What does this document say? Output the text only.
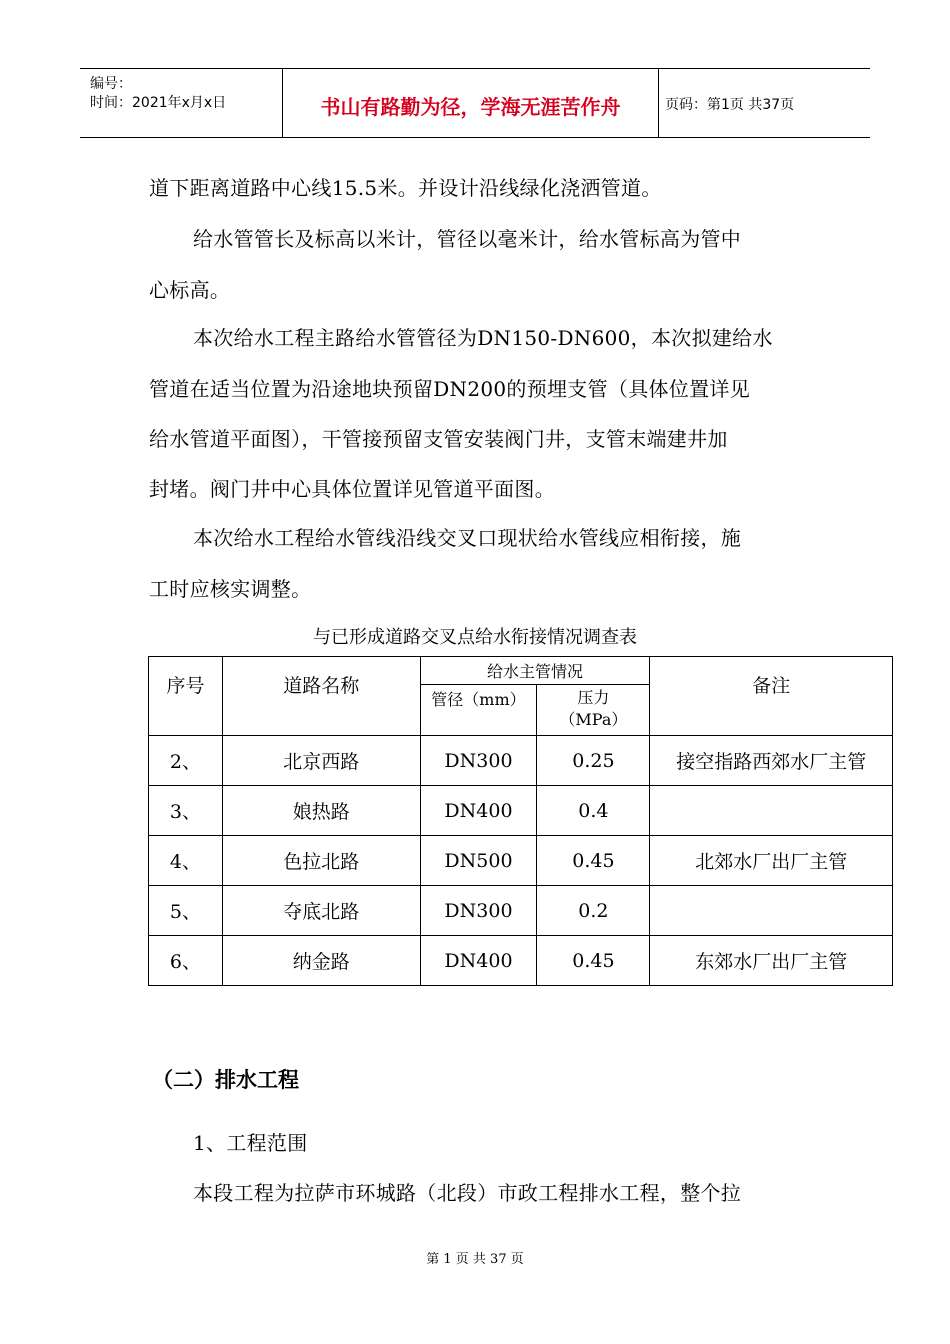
编号：
时间：2021年x月x日	书山有路勤为径，学海无涯苦作舟	页码：第1页 共37页
道下距离道路中心线15.5米。并设计沿线绿化浇洒管道。
给水管管长及标高以米计，管径以毫米计，给水管标高为管中
心标高。
本次给水工程主路给水管管径为DN150-DN600，本次拟建给水
管道在适当位置为沿途地块预留DN200的预埋支管（具体位置详见
给水管道平面图），干管接预留支管安装阀门井，支管末端建井加
封堵。阀门井中心具体位置详见管道平面图。
本次给水工程给水管线沿线交叉口现状给水管线应相衔接，施
工时应核实调整。
与已形成道路交叉点给水衔接情况调查表
序号	道路名称	给水主管情况		备注
		管径（mm）	压力（MPa）	
2、	北京西路	DN300	0.25	接空指路西郊水厂主管
3、	娘热路	DN400	0.4	
4、	色拉北路	DN500	0.45	北郊水厂出厂主管
5、	夺底北路	DN300	0.2	
6、	纳金路	DN400	0.45	东郊水厂出厂主管
（二）排水工程
1、工程范围
本段工程为拉萨市环城路（北段）市政工程排水工程，整个拉
第 1 页 共 37 页
